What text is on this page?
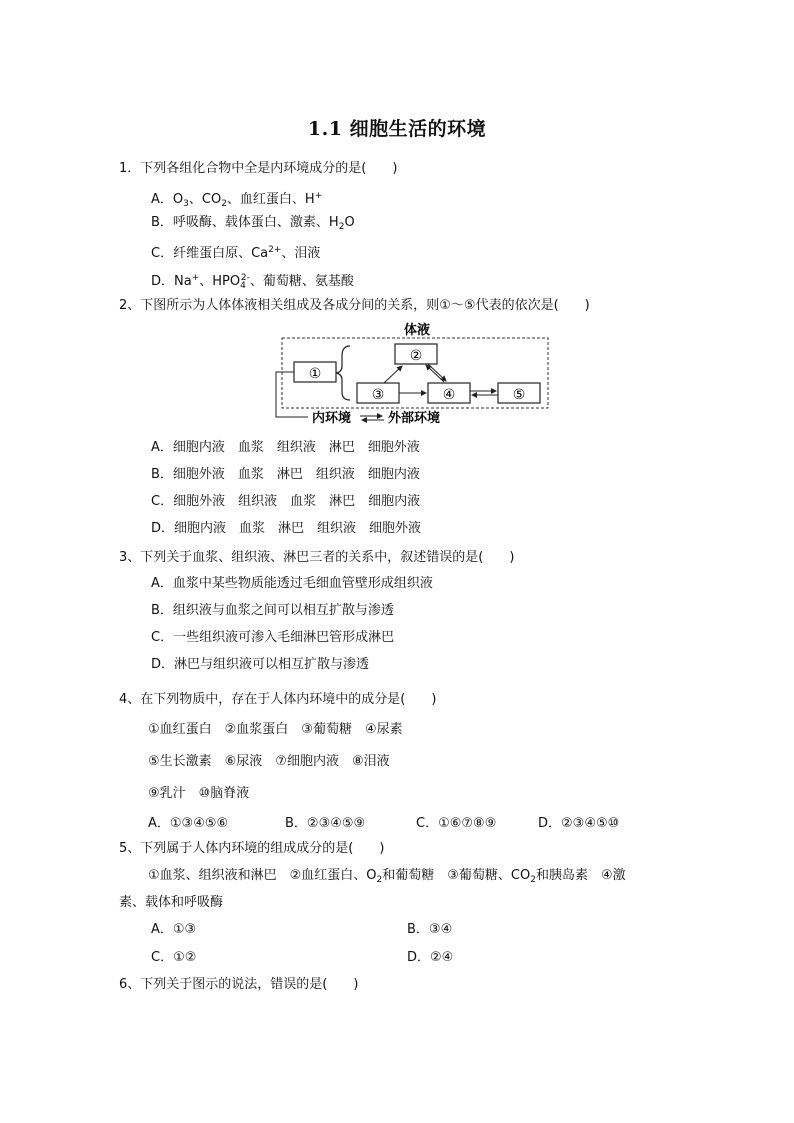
1.1 细胞生活的环境
1．下列各组化合物中全是内环境成分的是(　　)
A．$O_3$、$CO_2$、血红蛋白、H+
B．呼吸酶、载体蛋白、激素、$H_2O$
C．纤维蛋白原、$Ca^{2+}$、泪液
D．Na+、$HPO_4^{2-}$、葡萄糖、氨基酸
2、下图所示为人体体液相关组成及各成分间的关系，则①～⑤代表的依次是(　　)
体液
①
②
③	④	⑤
内环境	外部环境
A．细胞内液　血浆　组织液　淋巴　细胞外液
B．细胞外液　血浆　淋巴　组织液　细胞内液
C．细胞外液　组织液　血浆　淋巴　细胞内液
D．细胞内液　血浆　淋巴　组织液　细胞外液
3、下列关于血浆、组织液、淋巴三者的关系中，叙述错误的是(　　)
A．血浆中某些物质能透过毛细血管壁形成组织液
B．组织液与血浆之间可以相互扩散与渗透
C．一些组织液可渗入毛细淋巴管形成淋巴
D．淋巴与组织液可以相互扩散与渗透
4、在下列物质中，存在于人体内环境中的成分是(　　)
①血红蛋白　②血浆蛋白　③葡萄糖　④尿素
⑤生长激素　⑥尿液　⑦细胞内液　⑧泪液
⑨乳汁　⑩脑脊液
A．①③④⑤⑥	B．②③④⑤⑨	C．①⑥⑦⑧⑨	D．②③④⑤⑩
5、下列属于人体内环境的组成成分的是(　　)
①血浆、组织液和淋巴　②血红蛋白、$O_2$和葡萄糖　③葡萄糖、$CO_2$和胰岛素　④激
素、载体和呼吸酶
A．①③	B．③④
C．①②	D．②④
6、下列关于图示的说法，错误的是(　　)
